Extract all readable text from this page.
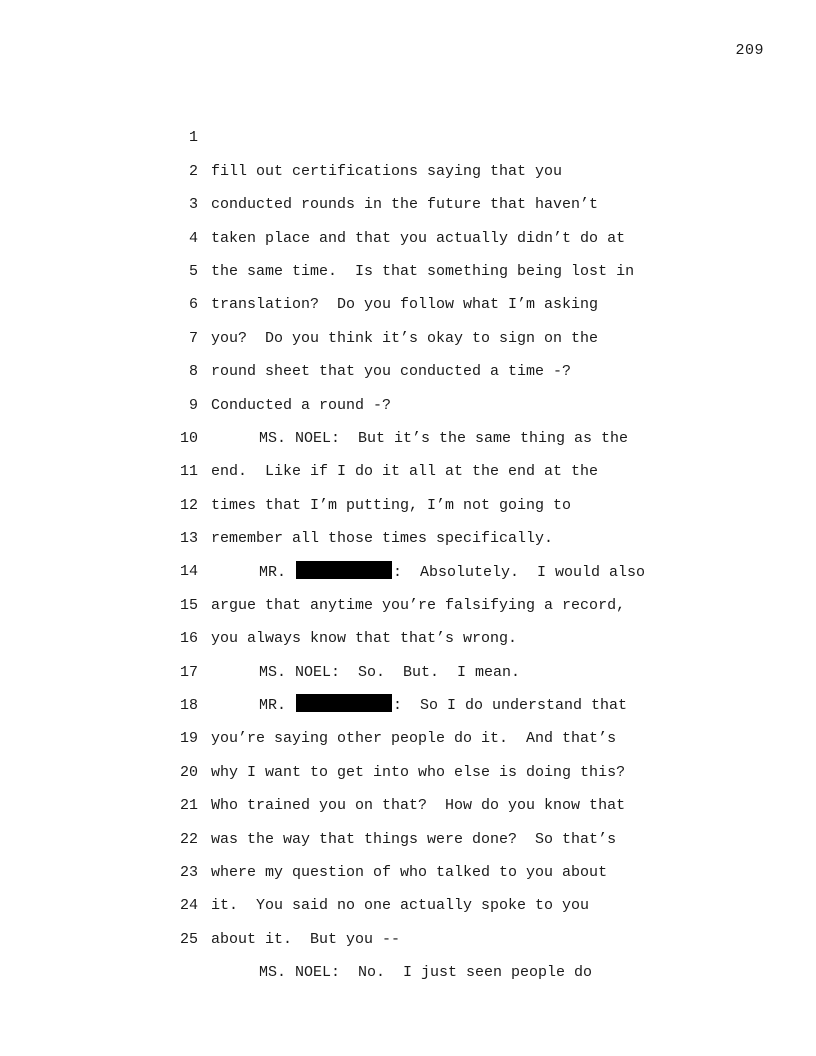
209

1

fill out certifications saying that you

2

conducted rounds in the future that haven’t

3

taken place and that you actually didn’t do at

4

the same time.  Is that something being lost in

5

translation?  Do you follow what I’m asking

6

you?  Do you think it’s okay to sign on the

7

round sheet that you conducted a time -?

8

Conducted a round -?

9

MS. NOEL:  But it’s the same thing as the

10

end.  Like if I do it all at the end at the

11

times that I’m putting, I’m not going to

12

remember all those times specifically.

13

MR.	:  Absolutely.  I would also

14

argue that anytime you’re falsifying a record,

15

you always know that that’s wrong.

16

MS. NOEL:  So.  But.  I mean.

17

MR.	:  So I do understand that

18

you’re saying other people do it.  And that’s

19

why I want to get into who else is doing this?

20

Who trained you on that?  How do you know that

21

was the way that things were done?  So that’s

22

where my question of who talked to you about

23

it.  You said no one actually spoke to you

24

about it.  But you --

25

MS. NOEL:  No.  I just seen people do
